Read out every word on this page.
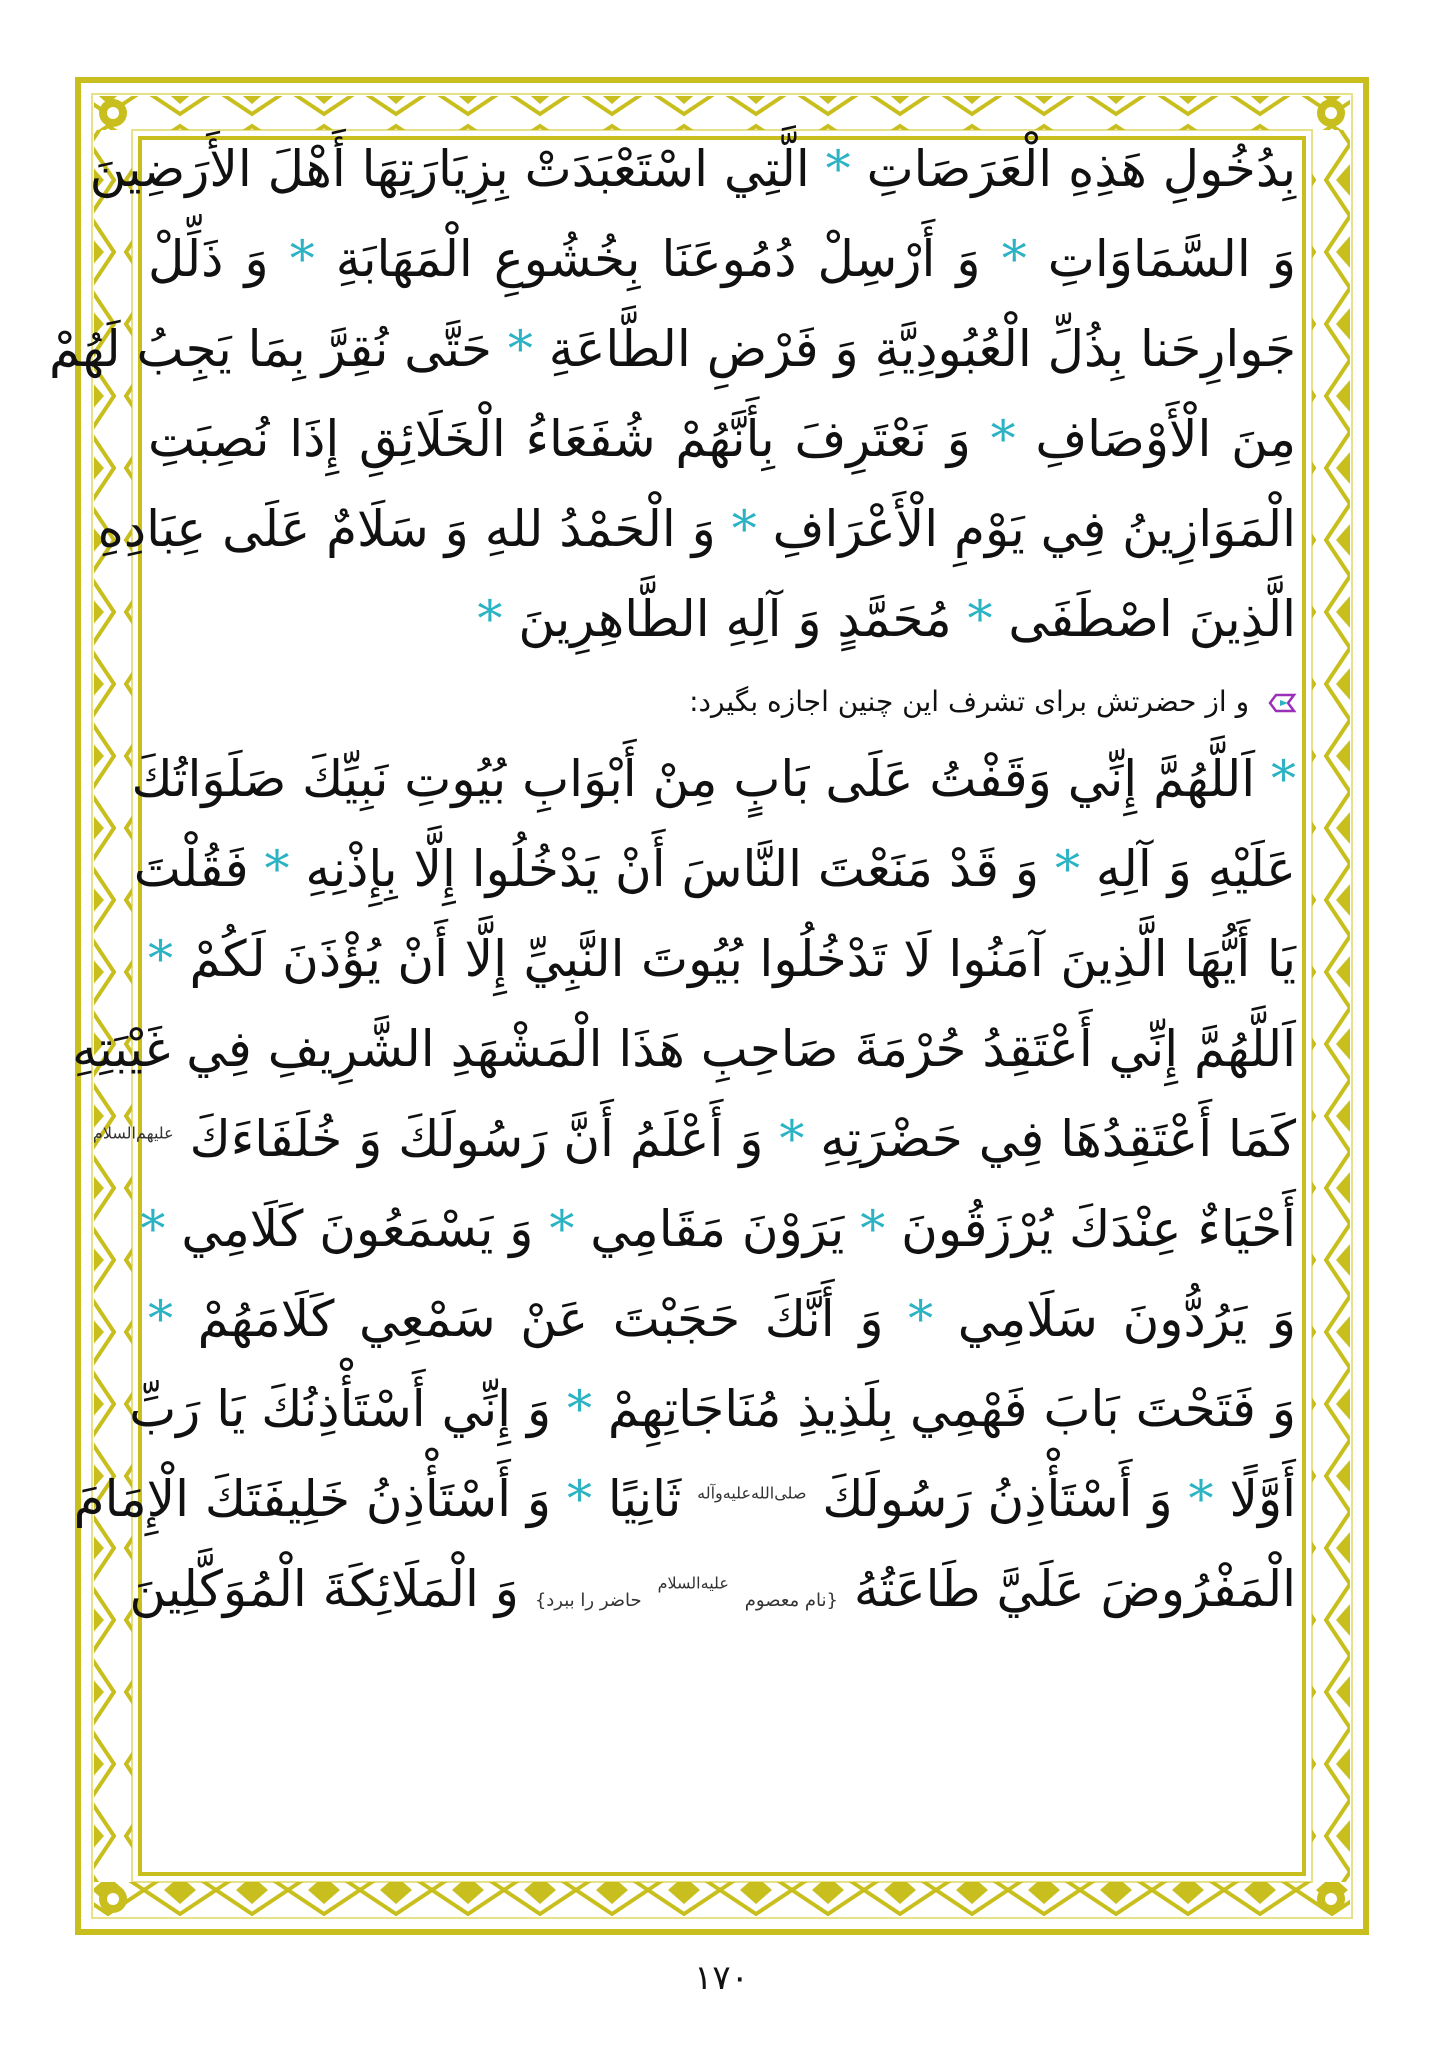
بِدُخُولِ هَذِهِ الْعَرَصَاتِ * الَّتِي اسْتَعْبَدَتْ بِزِيَارَتِهَا أَهْلَ الأَرَضِينَ
وَ السَّمَاوَاتِ * وَ أَرْسِلْ دُمُوعَنَا بِخُشُوعِ الْمَهَابَةِ * وَ ذَلِّلْ
جَوارِحَنا بِذُلِّ الْعُبُودِيَّةِ وَ فَرْضِ الطَّاعَةِ * حَتَّى نُقِرَّ بِمَا يَجِبُ لَهُمْ
مِنَ الْأَوْصَافِ * وَ نَعْتَرِفَ بِأَنَّهُمْ شُفَعَاءُ الْخَلَائِقِ إِذَا نُصِبَتِ
الْمَوَازِينُ فِي يَوْمِ الْأَعْرَافِ * وَ الْحَمْدُ للهِ وَ سَلَامٌ عَلَى عِبَادِهِ
الَّذِينَ اصْطَفَى * مُحَمَّدٍ وَ آلِهِ الطَّاهِرِينَ *
و از حضرتش برای تشرف این چنین اجازه بگیرد:
* اَللَّهُمَّ إِنِّي وَقَفْتُ عَلَى بَابٍ مِنْ أَبْوَابِ بُيُوتِ نَبِيِّكَ صَلَوَاتُكَ
عَلَيْهِ وَ آلِهِ * وَ قَدْ مَنَعْتَ النَّاسَ أَنْ يَدْخُلُوا إِلَّا بِإِذْنِهِ * فَقُلْتَ
يَا أَيُّهَا الَّذِينَ آمَنُوا لَا تَدْخُلُوا بُيُوتَ النَّبِيِّ إِلَّا أَنْ يُؤْذَنَ لَكُمْ *
اَللَّهُمَّ إِنِّي أَعْتَقِدُ حُرْمَةَ صَاحِبِ هَذَا الْمَشْهَدِ الشَّرِيفِ فِي غَيْبَتِهِ
كَمَا أَعْتَقِدُهَا فِي حَضْرَتِهِ * وَ أَعْلَمُ أَنَّ رَسُولَكَ وَ خُلَفَاءَكَ $^{عليهم‌السلام}$
أَحْيَاءٌ عِنْدَكَ يُرْزَقُونَ * يَرَوْنَ مَقَامِي * وَ يَسْمَعُونَ كَلَامِي *
وَ يَرُدُّونَ سَلَامِي * وَ أَنَّكَ حَجَبْتَ عَنْ سَمْعِي كَلَامَهُمْ *
وَ فَتَحْتَ بَابَ فَهْمِي بِلَذِيذِ مُنَاجَاتِهِمْ * وَ إِنِّي أَسْتَأْذِنُكَ يَا رَبِّ
أَوَّلًا * وَ أَسْتَأْذِنُ رَسُولَكَ $^{صلی‌الله‌علیه‌وآله}$ ثَانِيًا * وَ أَسْتَأْذِنُ خَلِيفَتَكَ الْإِمَامَ
الْمَفْرُوضَ عَلَيَّ طَاعَتُهُ {نام معصوم $^{عليه‌السلام}$ حاضر را ببرد} وَ الْمَلَائِكَةَ الْمُوَكَّلِينَ
١٧٠
